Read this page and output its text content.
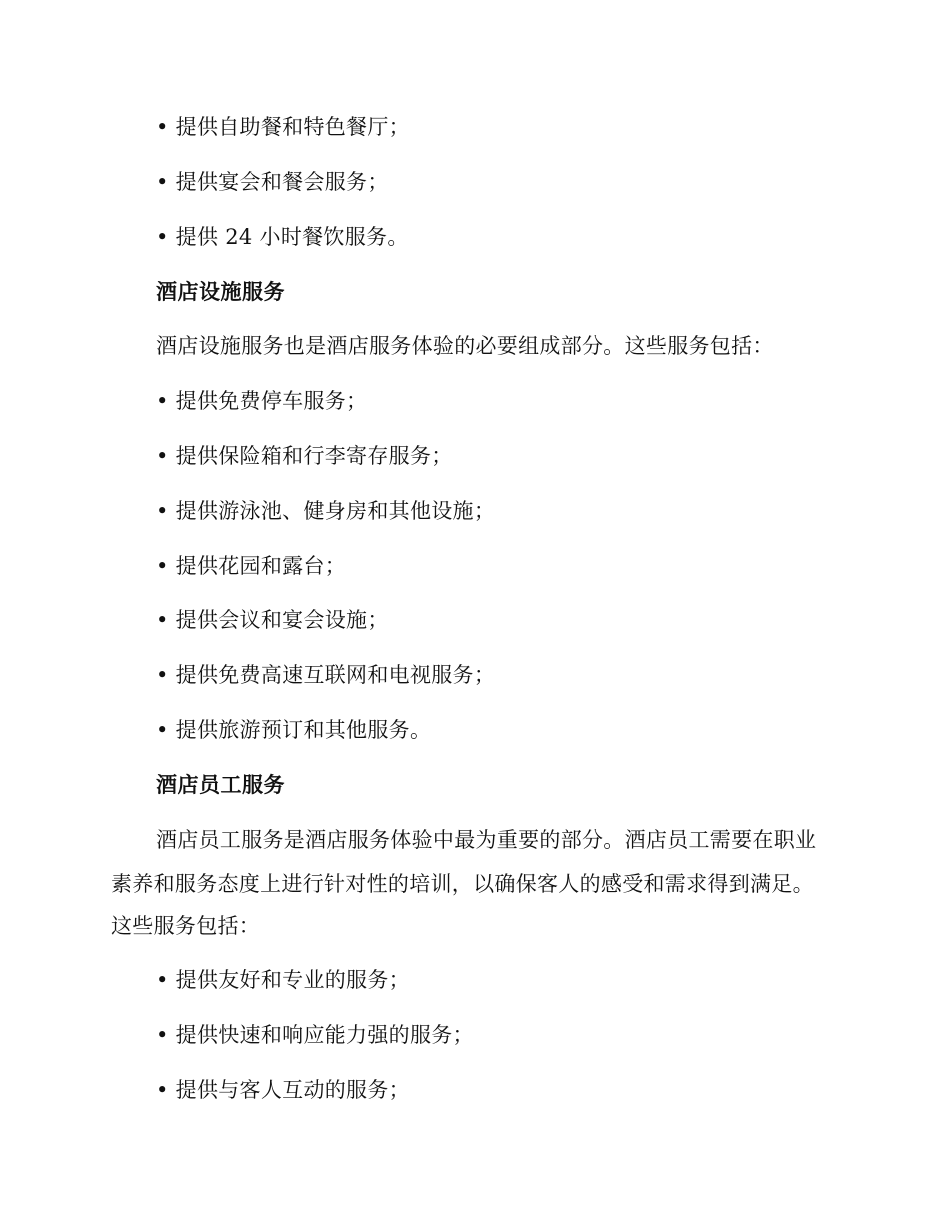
• 提供自助餐和特色餐厅；
• 提供宴会和餐会服务；
• 提供 24 小时餐饮服务。
酒店设施服务
酒店设施服务也是酒店服务体验的必要组成部分。这些服务包括：
• 提供免费停车服务；
• 提供保险箱和行李寄存服务；
• 提供游泳池、健身房和其他设施；
• 提供花园和露台；
• 提供会议和宴会设施；
• 提供免费高速互联网和电视服务；
• 提供旅游预订和其他服务。
酒店员工服务
酒店员工服务是酒店服务体验中最为重要的部分。酒店员工需要在职业
素养和服务态度上进行针对性的培训，以确保客人的感受和需求得到满足。
这些服务包括：
• 提供友好和专业的服务；
• 提供快速和响应能力强的服务；
• 提供与客人互动的服务；
